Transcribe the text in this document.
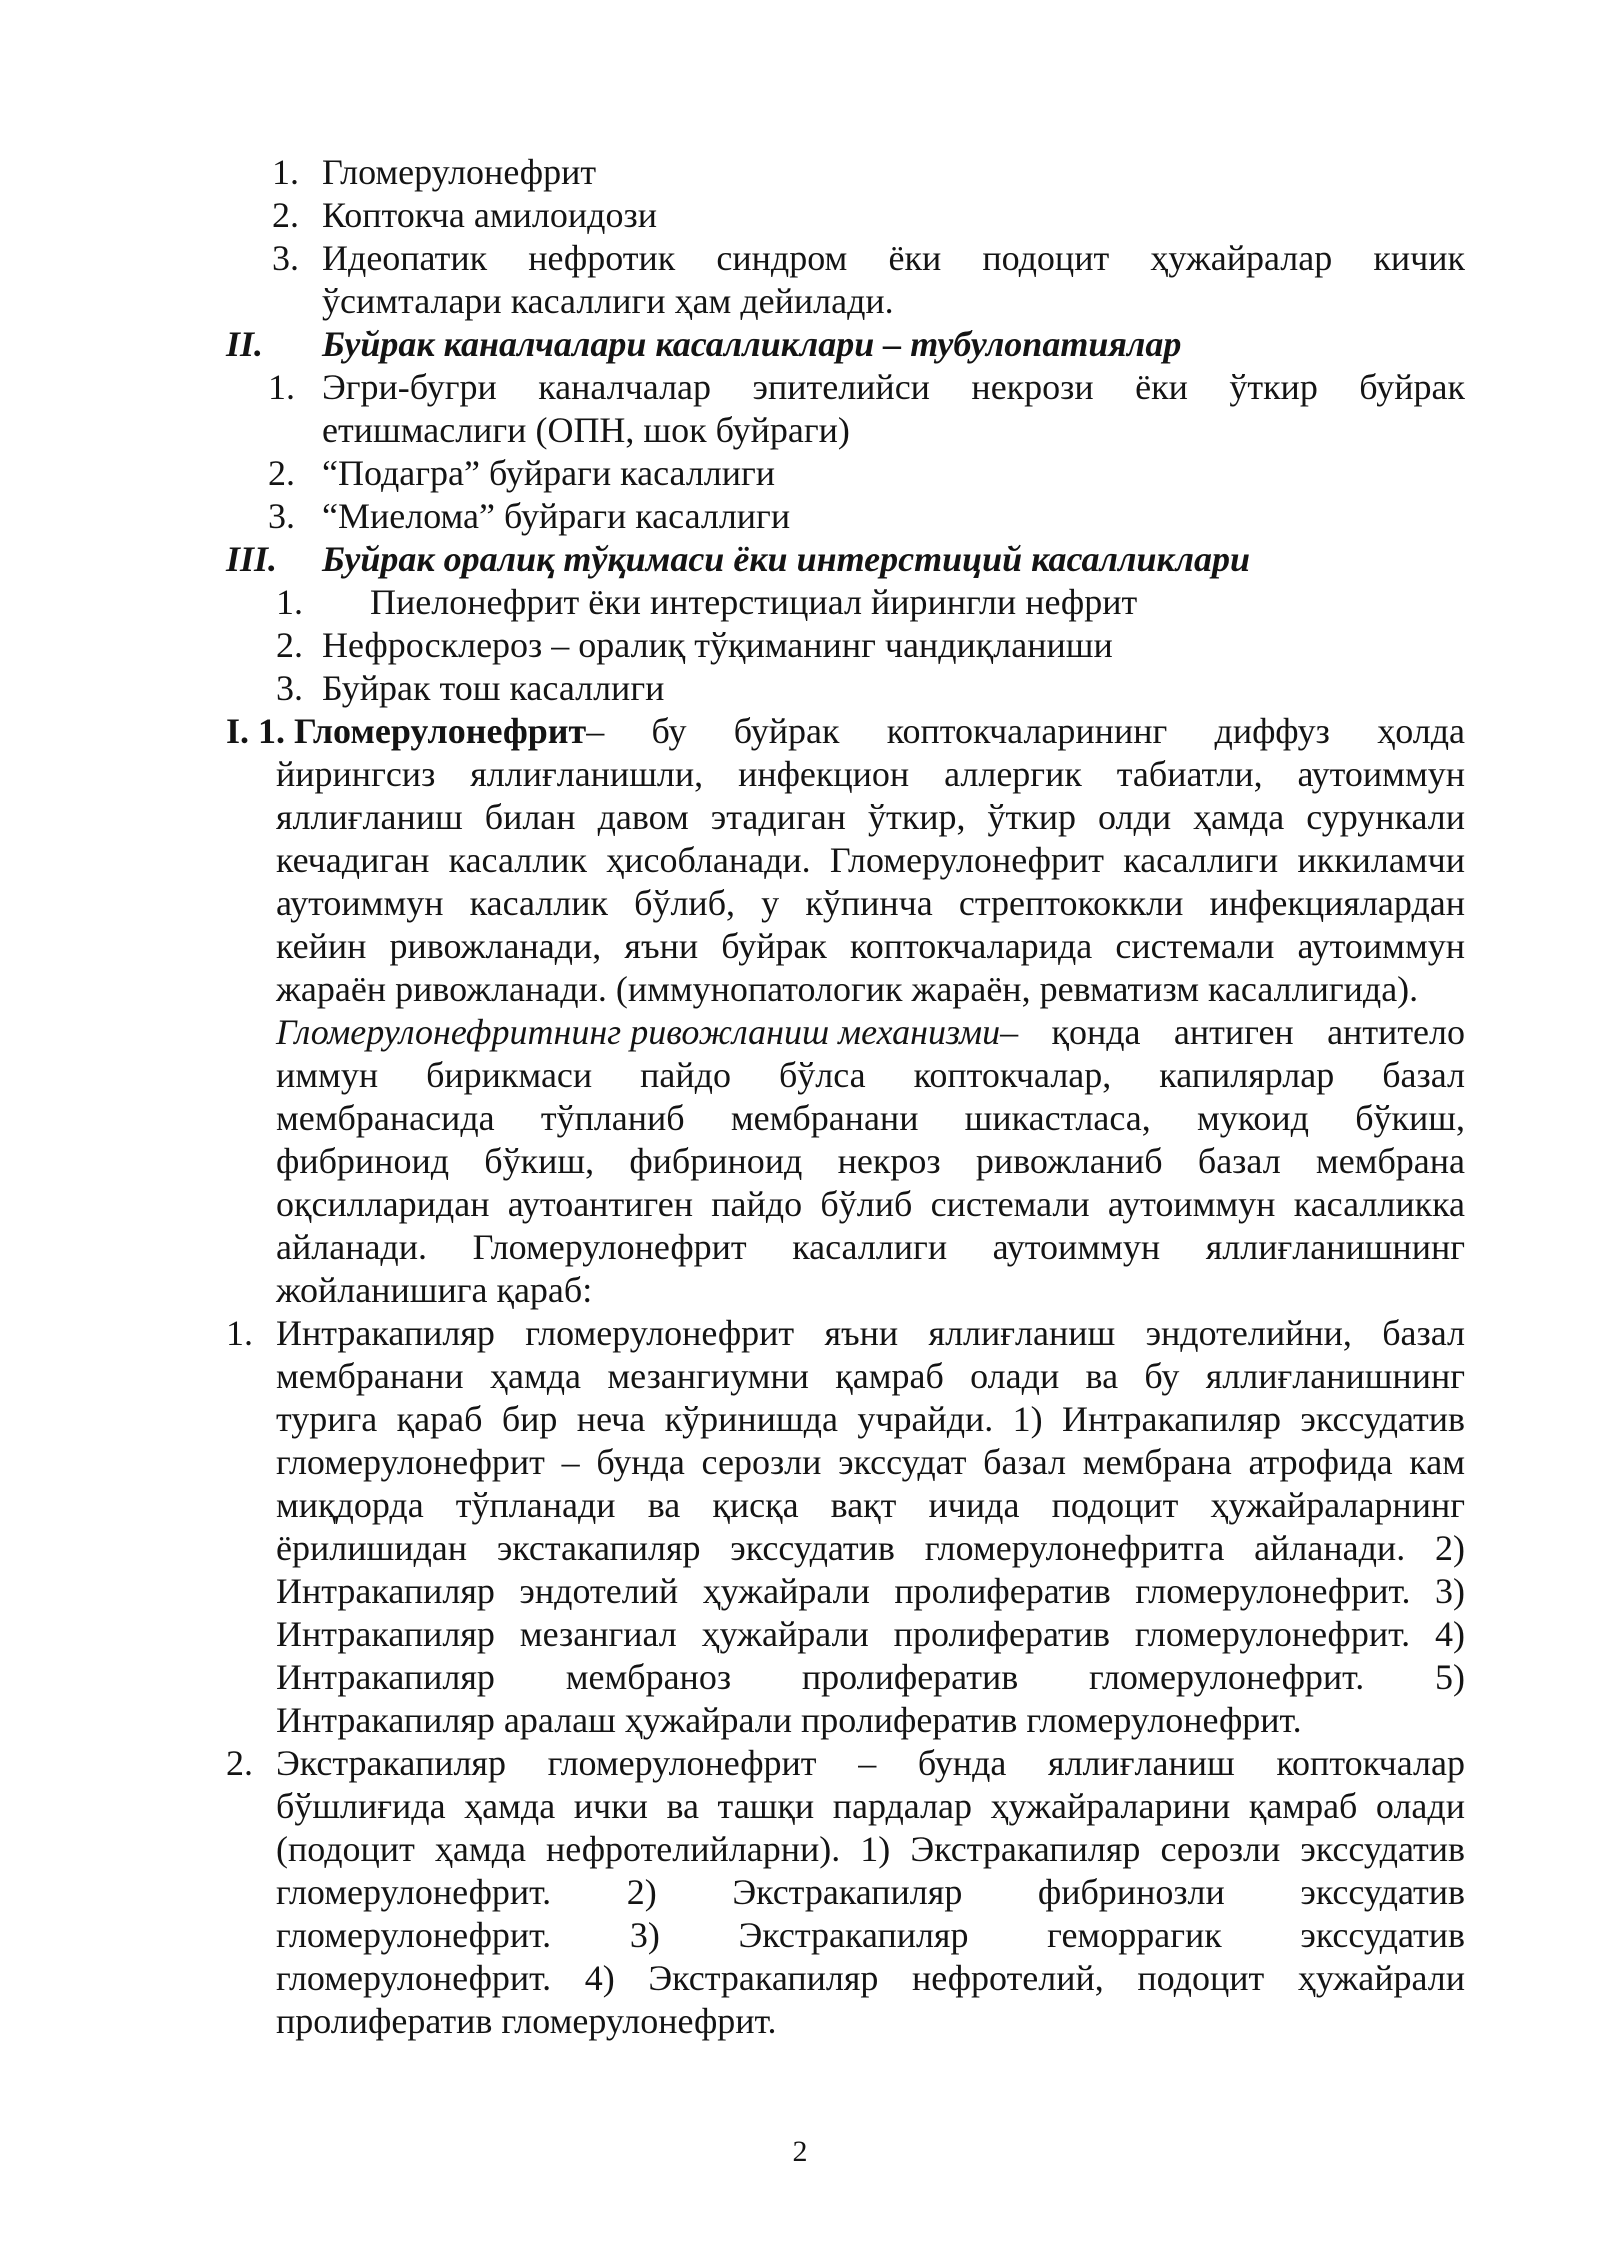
1. Гломерулонефрит
2. Коптокча амилоидози
3. Идеопатик нефротик синдром ёки подоцит ҳужайралар кичик
ўсимталари касаллиги ҳам дейилади.
II. Буйрак каналчалари касалликлари – тубулопатиялар
1. Эгри-бугри каналчалар эпителийси некрози ёки ўткир буйрак
етишмаслиги (ОПН, шок буйраги)
2. “Подагра” буйраги касаллиги
3. “Миелома” буйраги касаллиги
III. Буйрак оралиқ тўқимаси ёки интерстиций касалликлари
1. Пиелонефрит ёки интерстициал йирингли нефрит
2. Нефросклероз – оралиқ тўқиманинг чандиқланиши
3. Буйрак тош касаллиги
I. 1. Гломерулонефрит – бу буйрак коптокчаларининг диффуз ҳолда
йирингсиз яллиғланишли, инфекцион аллергик табиатли, аутоиммун
яллиғланиш билан давом этадиган ўткир, ўткир олди ҳамда сурункали
кечадиган касаллик ҳисобланади. Гломерулонефрит касаллиги иккиламчи
аутоиммун касаллик бўлиб, у кўпинча стрептококкли инфекциялардан
кейин ривожланади, яъни буйрак коптокчаларида системали аутоиммун
жараён ривожланади. (иммунопатологик жараён, ревматизм касаллигида).
Гломерулонефритнинг ривожланиш механизми – қонда антиген антитело
иммун бирикмаси пайдо бўлса коптокчалар, капилярлар базал
мембранасида тўпланиб мембранани шикастласа, мукоид бўкиш,
фибриноид бўкиш, фибриноид некроз ривожланиб базал мембрана
оқсилларидан аутоантиген пайдо бўлиб системали аутоиммун касалликка
айланади. Гломерулонефрит касаллиги аутоиммун яллиғланишнинг
жойланишига қараб:
1. Интракапиляр гломерулонефрит яъни яллиғланиш эндотелийни, базал
мембранани ҳамда мезангиумни қамраб олади ва бу яллиғланишнинг
турига қараб бир неча кўринишда учрайди. 1) Интракапиляр экссудатив
гломерулонефрит – бунда серозли экссудат базал мембрана атрофида кам
миқдорда тўпланади ва қисқа вақт ичида подоцит ҳужайраларнинг
ёрилишидан экстакапиляр экссудатив гломерулонефритга айланади. 2)
Интракапиляр эндотелий ҳужайрали пролифератив гломерулонефрит. 3)
Интракапиляр мезангиал ҳужайрали пролифератив гломерулонефрит. 4)
Интракапиляр мембраноз пролифератив гломерулонефрит. 5)
Интракапиляр аралаш ҳужайрали пролифератив гломерулонефрит.
2. Экстракапиляр гломерулонефрит – бунда яллиғланиш коптокчалар
бўшлиғида ҳамда ички ва ташқи пардалар ҳужайраларини қамраб олади
(подоцит ҳамда нефротелийларни). 1) Экстракапиляр серозли экссудатив
гломерулонефрит. 2) Экстракапиляр фибринозли экссудатив
гломерулонефрит. 3) Экстракапиляр геморрагик экссудатив
гломерулонефрит. 4) Экстракапиляр нефротелий, подоцит ҳужайрали
пролифератив гломерулонефрит.
2
